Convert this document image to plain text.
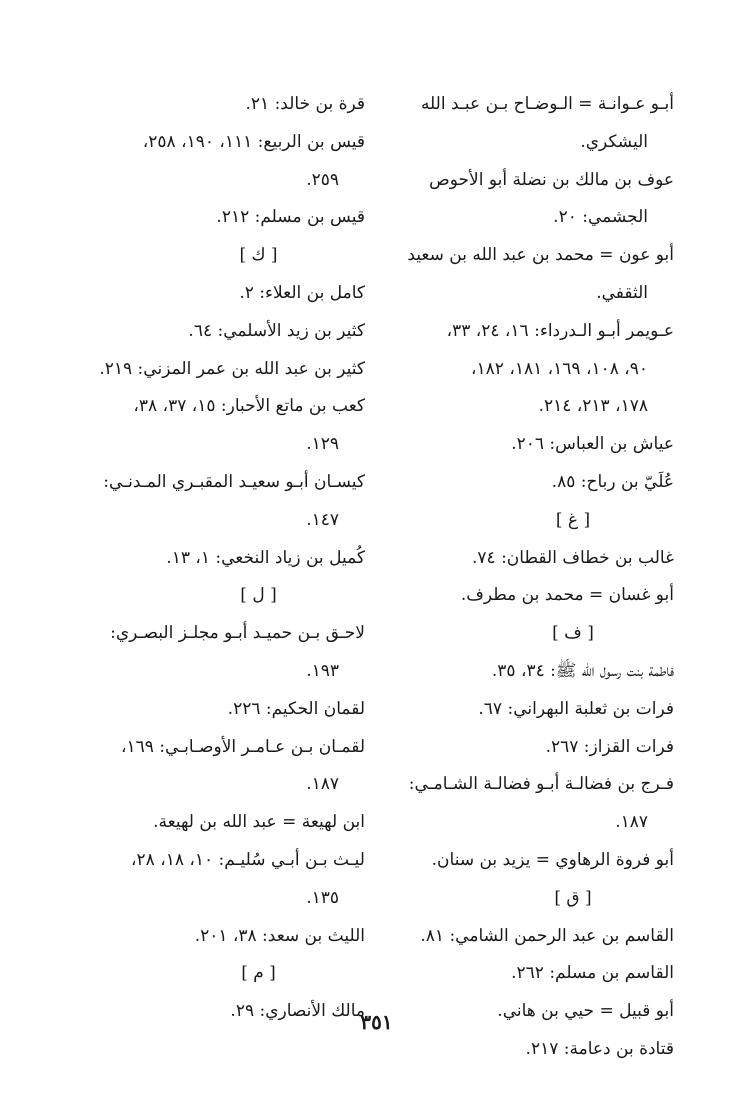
أبـو عـوانـة = الـوضـاح بـن عبـد الله
اليشكري.
عوف بن مالك بن نضلة أبو الأحوص
الجشمي: ٢٠.
أبو عون = محمد بن عبد الله بن سعيد
الثقفي.
عـويمر أبـو الـدرداء: ١٦، ٢٤، ٣٣،
٩٠، ١٠٨، ١٦٩، ١٨١، ١٨٢،
١٧٨، ٢١٣، ٢١٤.
عياش بن العباس: ٢٠٦.
عُلَيّ بن رباح: ٨٥.
[ غ ]
غالب بن خطاف القطان: ٧٤.
أبو غسان = محمد بن مطرف.
[ ف ]
فاطمة بنت رسول الله ﷺ: ٣٤، ٣٥.
فرات بن ثعلبة البهراني: ٦٧.
فرات القزاز: ٢٦٧.
فـرج بن فضالـة أبـو فضالـة الشـامـي:
١٨٧.
أبو فروة الرهاوي = يزيد بن سنان.
[ ق ]
القاسم بن عبد الرحمن الشامي: ٨١.
القاسم بن مسلم: ٢٦٢.
أبو قبيل = حيي بن هاني.
قتادة بن دعامة: ٢١٧.
قرة بن خالد: ٢١.
قيس بن الربيع: ١١١، ١٩٠، ٢٥٨،
٢٥٩.
قيس بن مسلم: ٢١٢.
[ ك ]
كامل بن العلاء: ٢.
كثير بن زيد الأسلمي: ٦٤.
كثير بن عبد الله بن عمر المزني: ٢١٩.
كعب بن ماتع الأحبار: ١٥، ٣٧، ٣٨،
١٢٩.
كيسـان أبـو سعيـد المقبـري المـدنـي:
١٤٧.
كُميل بن زياد النخعي: ١، ١٣.
[ ل ]
لاحـق بـن حميـد أبـو مجلـز البصـري:
١٩٣.
لقمان الحكيم: ٢٢٦.
لقمـان بـن عـامـر الأوصـابـي: ١٦٩،
١٨٧.
ابن لهيعة = عبد الله بن لهيعة.
ليـث بـن أبـي سُليـم: ١٠، ١٨، ٢٨،
١٣٥.
الليث بن سعد: ٣٨، ٢٠١.
[ م ]
مالك الأنصاري: ٢٩.
٣٥١
